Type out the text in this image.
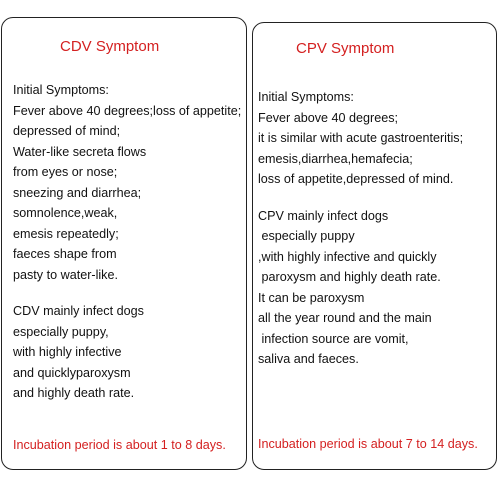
CDV Symptom
Initial Symptoms:
Fever above 40 degrees;loss of appetite;
depressed of mind;
Water-like secreta flows
from eyes or nose;
sneezing and diarrhea;
somnolence,weak,
emesis repeatedly;
faeces shape from
pasty to water-like.
CDV mainly infect dogs
especially puppy,
with highly infective
and quicklyparoxysm
and highly death rate.
Incubation period is about 1 to 8 days.
CPV Symptom
Initial Symptoms:
Fever above 40 degrees;
it is similar with acute gastroenteritis;
emesis,diarrhea,hemafecia;
loss of appetite,depressed of mind.
CPV mainly infect dogs
especially puppy
,with highly infective and quickly
paroxysm and highly death rate.
It can be paroxysm
all the year round and the main
infection source are vomit,
saliva and faeces.
Incubation period is about 7 to 14 days.
